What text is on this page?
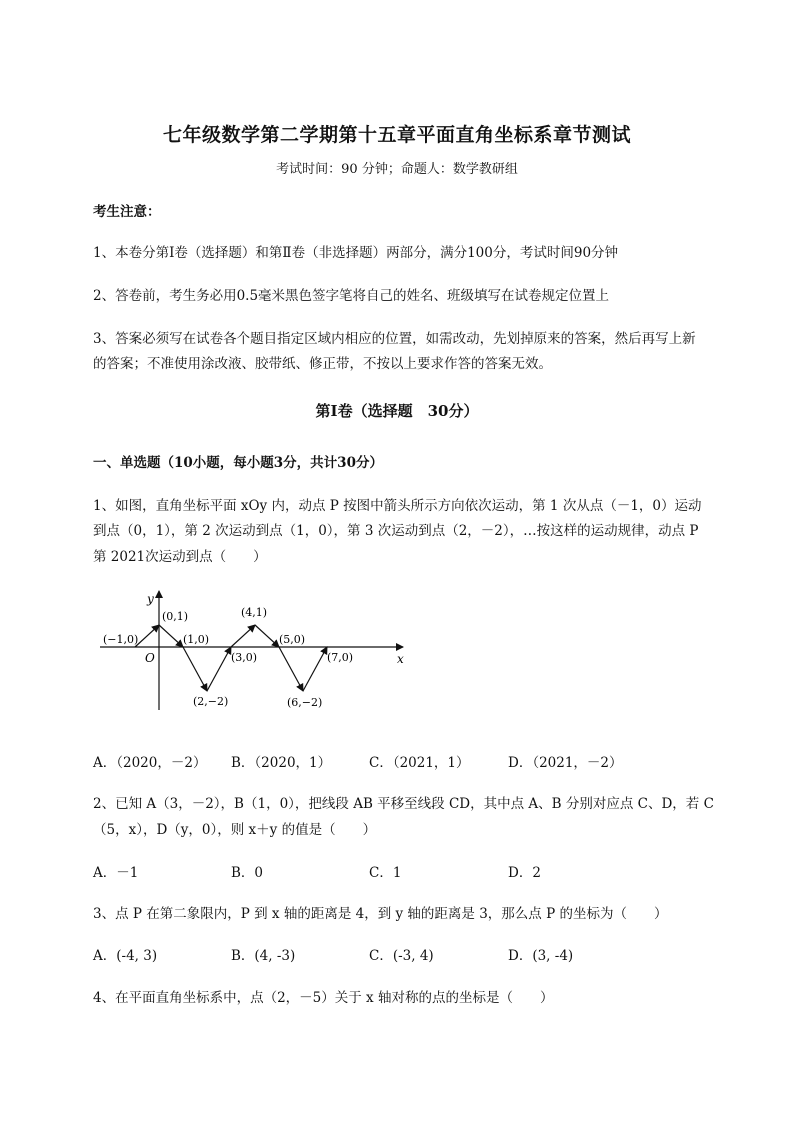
七年级数学第二学期第十五章平面直角坐标系章节测试
考试时间：90 分钟；命题人：数学教研组
考生注意：
1、本卷分第Ⅰ卷（选择题）和第Ⅱ卷（非选择题）两部分，满分100分，考试时间90分钟
2、答卷前，考生务必用0.5毫米黑色签字笔将自己的姓名、班级填写在试卷规定位置上
3、答案必须写在试卷各个题目指定区域内相应的位置，如需改动，先划掉原来的答案，然后再写上新
的答案；不准使用涂改液、胶带纸、修正带，不按以上要求作答的答案无效。
第Ⅰ卷（选择题　30分）
一、单选题（10小题，每小题3分，共计30分）
1、如图，直角坐标平面 xOy 内，动点 P 按图中箭头所示方向依次运动，第 1 次从点（－1，0）运动
到点（0，1），第 2 次运动到点（1，0），第 3 次运动到点（2，－2），…按这样的运动规律，动点 P
第 2021次运动到点（　　）
x
y
O
(−1,0)
(0,1)
(1,0)
(2,−2)
(3,0)
(4,1)
(5,0)
(6,−2)
(7,0)
A．（2020，－2） B．（2020，1）	C．（2021，1）	D．（2021，－2）
2、已知 A（3，－2），B（1，0），把线段 AB 平移至线段 CD，其中点 A、B 分别对应点 C、D，若 C
（5，x），D（y，0），则 x＋y 的值是（　　）
A．－1	B．0	C．1	D．2
3、点 P 在第二象限内，P 到 x 轴的距离是 4，到 y 轴的距离是 3，那么点 P 的坐标为（　　）
A．(-4, 3)	B．(4, -3)	C．(-3, 4)	D．(3, -4)
4、在平面直角坐标系中，点（2，－5）关于 x 轴对称的点的坐标是（　　）
